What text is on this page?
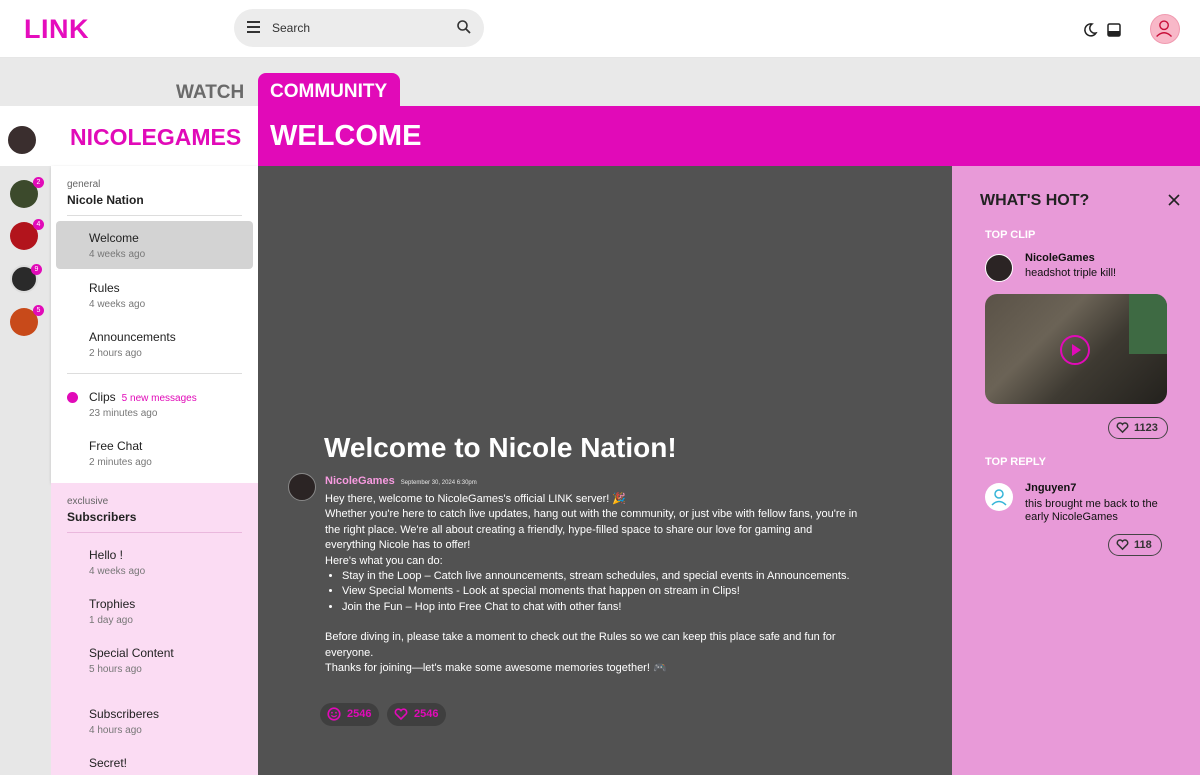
LINK	Search
WATCH	COMMUNITY
2
4
9
5
NICOLEGAMES
general
Nicole Nation
Welcome
4 weeks ago
Rules
4 weeks ago
Announcements
2 hours ago
Clips 5 new messages
23 minutes ago
Free Chat
2 minutes ago
exclusive
Subscribers
Hello !
4 weeks ago
Trophies
1 day ago
Special Content
5 hours ago
Subscriberes
4 hours ago
Secret!
WELCOME
Welcome to Nicole Nation!
NicoleGames September 30, 2024 6:30pm
Hey there, welcome to NicoleGames's official LINK server! 🎉
Whether you're here to catch live updates, hang out with the community, or just vibe with fellow fans, you're in the right place. We're all about creating a friendly, hype-filled space to share our love for gaming and everything Nicole has to offer!
Here's what you can do:
• Stay in the Loop – Catch live announcements, stream schedules, and special events in Announcements.
• View Special Moments - Look at special moments that happen on stream in Clips!
• Join the Fun – Hop into Free Chat to chat with other fans!
Before diving in, please take a moment to check out the Rules so we can keep this place safe and fun for everyone.
Thanks for joining—let's make some awesome memories together! 🎮
2546	2546
WHAT'S HOT?
TOP CLIP
NicoleGames
headshot triple kill!
1123
TOP REPLY
Jnguyen7
this brought me back to the early NicoleGames
118
